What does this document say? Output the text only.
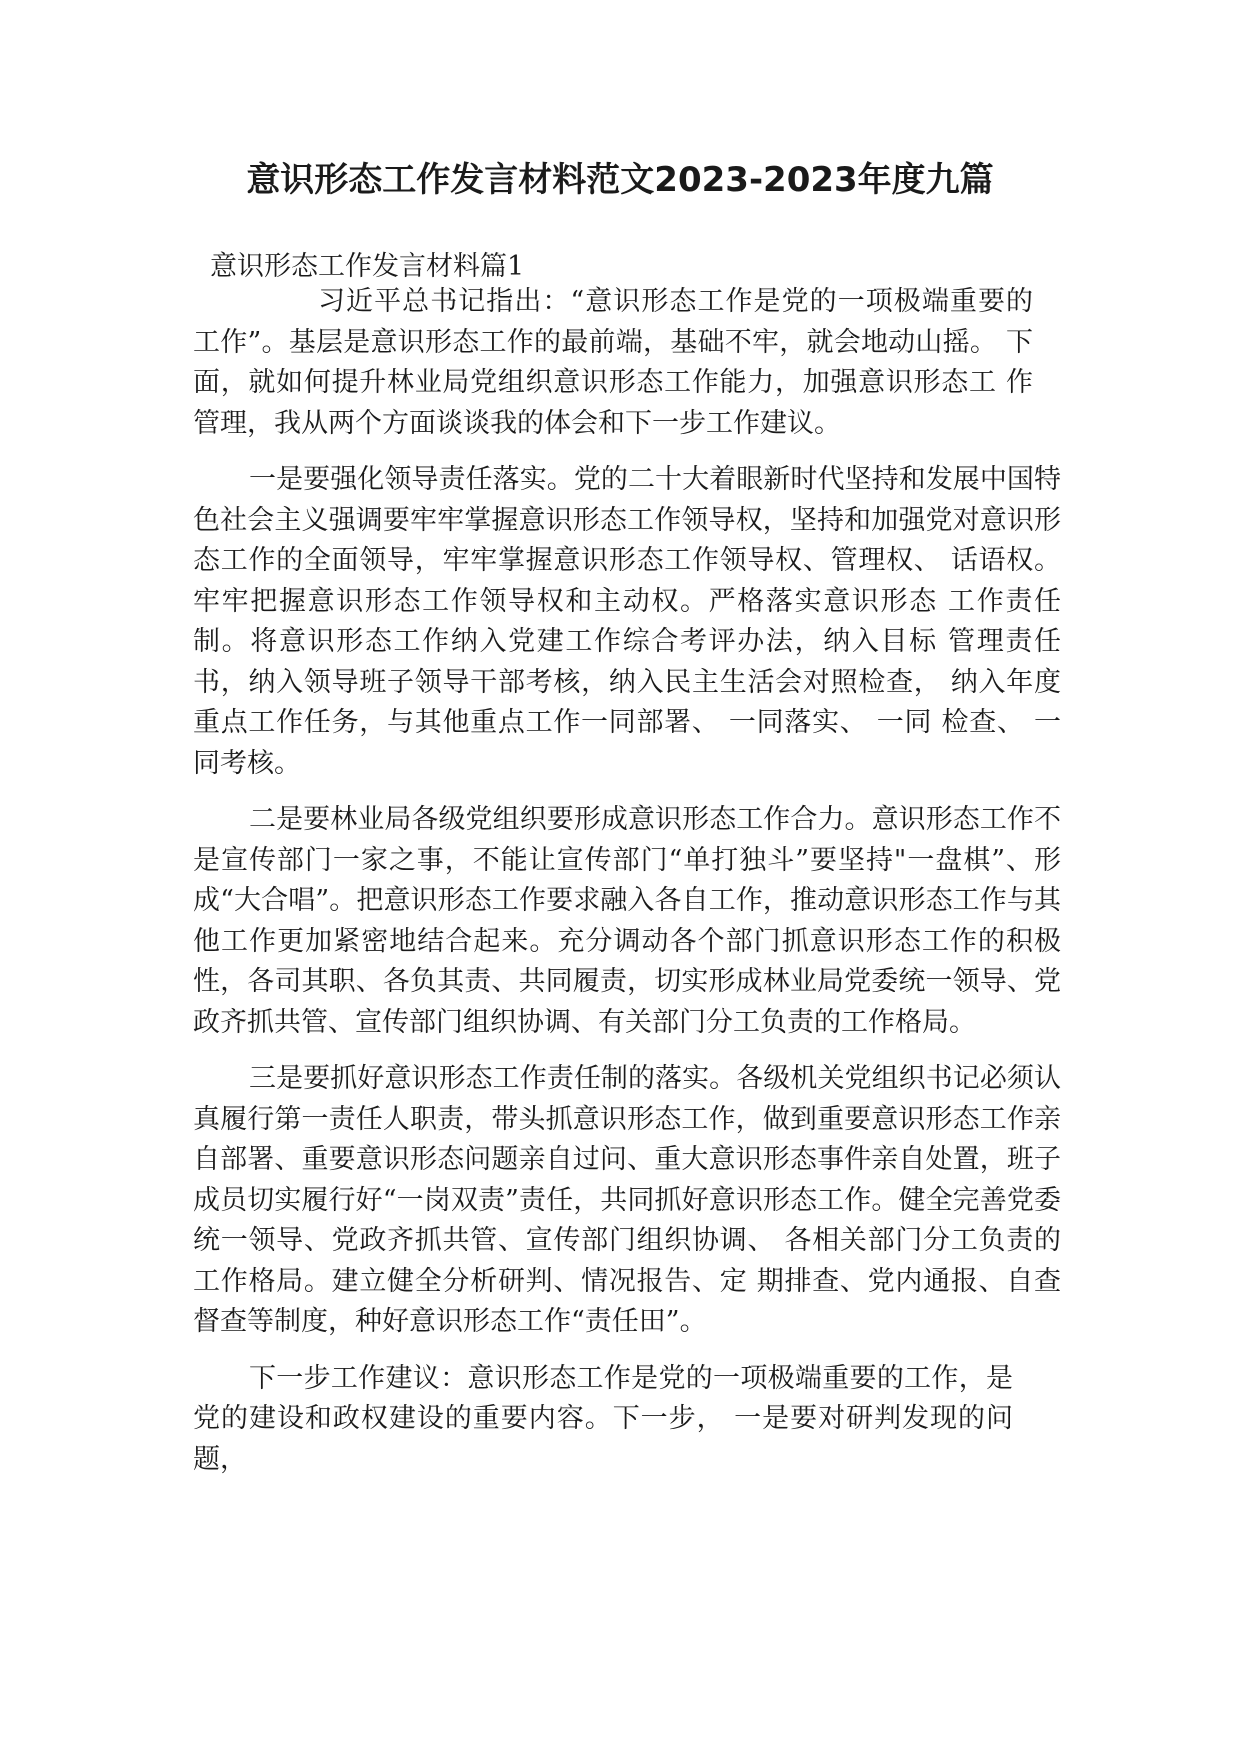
意识形态工作发言材料范文2023-2023年度九篇
意识形态工作发言材料篇1

习近平总书记指出：“意识形态工作是党的一项极端重要的 工作”。基层是意识形态工作的最前端，基础不牢，就会地动山摇。 下面，就如何提升林业局党组织意识形态工作能力，加强意识形态工 作管理，我从两个方面谈谈我的体会和下一步工作建议。

一是要强化领导责任落实。党的二十大着眼新时代坚持和发展中国特色社会主义强调要牢牢掌握意识形态工作领导权，坚持和加强党对意识形态工作的全面领导，牢牢掌握意识形态工作领导权、管理权、 话语权。牢牢把握意识形态工作领导权和主动权。严格落实意识形态 工作责任制。将意识形态工作纳入党建工作综合考评办法，纳入目标 管理责任书，纳入领导班子领导干部考核，纳入民主生活会对照检查， 纳入年度重点工作任务，与其他重点工作一同部署、 一同落实、 一同 检查、 一同考核。

二是要林业局各级党组织要形成意识形态工作合力。意识形态工作不是宣传部门一家之事，不能让宣传部门“单打独斗”要坚持"一盘棋”、形成“大合唱”。把意识形态工作要求融入各自工作，推动意识形态工作与其他工作更加紧密地结合起来。充分调动各个部门抓意识形态工作的积极性，各司其职、各负其责、共同履责，切实形成林业局党委统一领导、党政齐抓共管、宣传部门组织协调、有关部门分工负责的工作格局。

三是要抓好意识形态工作责任制的落实。各级机关党组织书记必须认真履行第一责任人职责，带头抓意识形态工作，做到重要意识形态工作亲自部署、重要意识形态问题亲自过问、重大意识形态事件亲自处置，班子成员切实履行好“一岗双责”责任，共同抓好意识形态工作。健全完善党委统一领导、党政齐抓共管、宣传部门组织协调、 各相关部门分工负责的工作格局。建立健全分析研判、情况报告、定 期排查、党内通报、自查督查等制度，种好意识形态工作“责任田”。

下一步工作建议：意识形态工作是党的一项极端重要的工作，是党的建设和政权建设的重要内容。下一步， 一是要对研判发现的问题，
